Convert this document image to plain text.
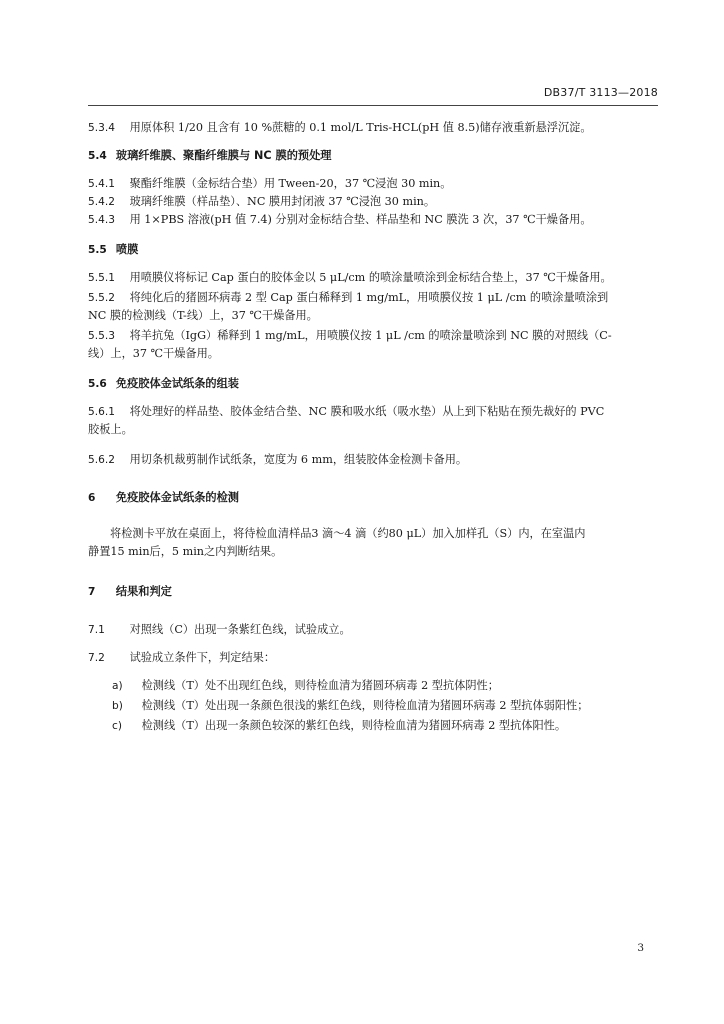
DB37/T 3113—2018
5.3.4 用原体积 1/20 且含有 10 %蔗糖的 0.1 mol/L Tris-HCL(pH 值 8.5)储存液重新悬浮沉淀。
5.4 玻璃纤维膜、聚酯纤维膜与 NC 膜的预处理
5.4.1 聚酯纤维膜（金标结合垫）用 Tween-20，37 ℃浸泡 30 min。
5.4.2 玻璃纤维膜（样品垫）、NC 膜用封闭液 37 ℃浸泡 30 min。
5.4.3 用 1×PBS 溶液(pH 值 7.4) 分别对金标结合垫、样品垫和 NC 膜洗 3 次，37 ℃干燥备用。
5.5 喷膜
5.5.1 用喷膜仪将标记 Cap 蛋白的胶体金以 5 μL/cm 的喷涂量喷涂到金标结合垫上，37 ℃干燥备用。
5.5.2 将纯化后的猪圆环病毒 2 型 Cap 蛋白稀释到 1 mg/mL，用喷膜仪按 1 μL /cm 的喷涂量喷涂到
NC 膜的检测线（T-线）上，37 ℃干燥备用。
5.5.3 将羊抗兔（IgG）稀释到 1 mg/mL，用喷膜仪按 1 μL /cm 的喷涂量喷涂到 NC 膜的对照线（C-
线）上，37 ℃干燥备用。
5.6 免疫胶体金试纸条的组装
5.6.1 将处理好的样品垫、胶体金结合垫、NC 膜和吸水纸（吸水垫）从上到下粘贴在预先裁好的 PVC
胶板上。
5.6.2 用切条机裁剪制作试纸条，宽度为 6 mm，组装胶体金检测卡备用。
6 免疫胶体金试纸条的检测
将检测卡平放在桌面上，将待检血清样品3 滴～4 滴（约80 μL）加入加样孔（S）内，在室温内
静置15 min后，5 min之内判断结果。
7 结果和判定
7.1 对照线（C）出现一条紫红色线，试验成立。
7.2 试验成立条件下，判定结果：
a) 检测线（T）处不出现红色线，则待检血清为猪圆环病毒 2 型抗体阴性；
b) 检测线（T）处出现一条颜色很浅的紫红色线，则待检血清为猪圆环病毒 2 型抗体弱阳性；
c) 检测线（T）出现一条颜色较深的紫红色线，则待检血清为猪圆环病毒 2 型抗体阳性。
3
